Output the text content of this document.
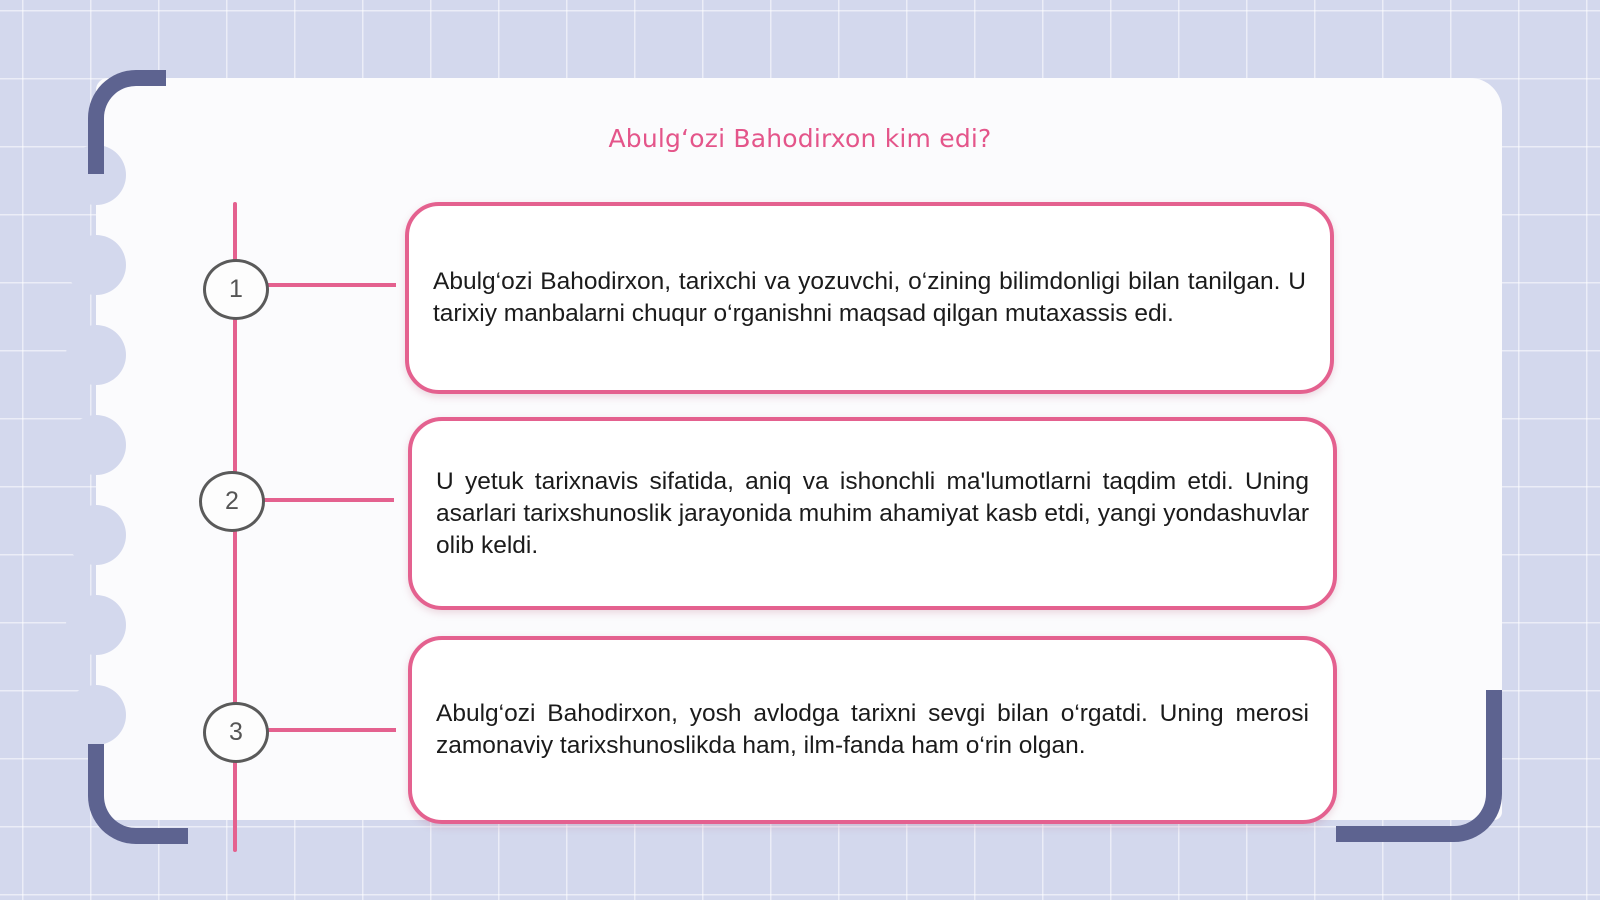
Abulgʻozi Bahodirxon kim edi?
1
2
3

Abulg‘ozi Bahodirxon, tarixchi va yozuvchi, o‘zining bilimdonligi bilan tanilgan. U tarixiy manbalarni chuqur o‘rganishni maqsad qilgan mutaxassis edi.

U yetuk tarixnavis sifatida, aniq va ishonchli ma'lumotlarni taqdim etdi. Uning asarlari tarixshunoslik jarayonida muhim ahamiyat kasb etdi, yangi yondashuvlar olib keldi.

Abulg‘ozi Bahodirxon, yosh avlodga tarixni sevgi bilan o‘rgatdi. Uning merosi zamonaviy tarixshunoslikda ham, ilm-fanda ham o‘rin olgan.
